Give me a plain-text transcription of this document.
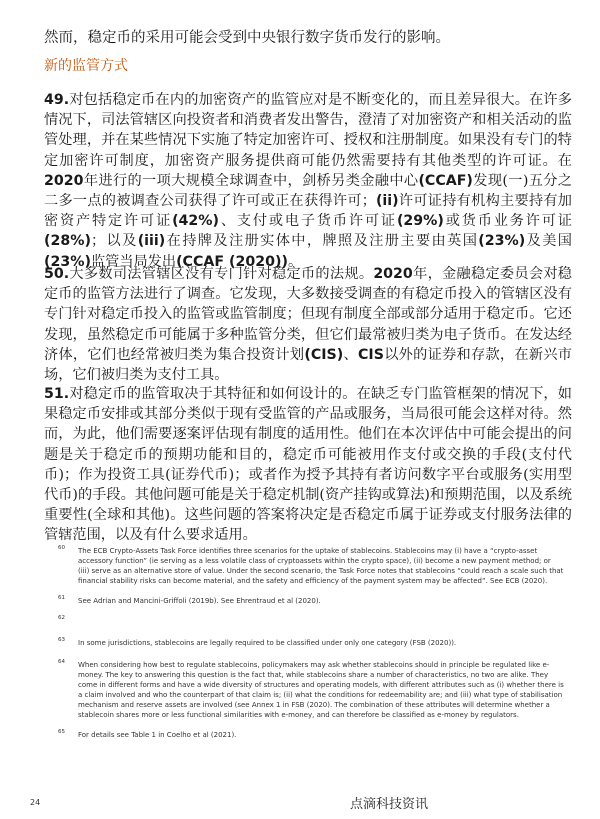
然而，稳定币的采用可能会受到中央银行数字货币发行的影响。
新的监管方式

49.对包括稳定币在内的加密资产的监管应对是不断变化的，而且差异很大。在许多情况下，司法管辖区向投资者和消费者发出警告，澄清了对加密资产和相关活动的监管处理，并在某些情况下实施了特定加密许可、授权和注册制度。如果没有专门的特定加密许可制度，加密资产服务提供商可能仍然需要持有其他类型的许可证。在2020年进行的一项大规模全球调查中，剑桥另类金融中心(CCAF)发现(一)五分之二多一点的被调查公司获得了许可或正在获得许可；(ii)许可证持有机构主要持有加密资产特定许可证(42%)、支付或电子货币许可证(29%)或货币业务许可证(28%)；以及(iii)在持牌及注册实体中，牌照及注册主要由英国(23%)及美国(23%)监管当局发出(CCAF (2020))。

50.大多数司法管辖区没有专门针对稳定币的法规。2020年，金融稳定委员会对稳定币的监管方法进行了调查。它发现，大多数接受调查的有稳定币投入的管辖区没有专门针对稳定币投入的监管或监管制度；但现有制度全部或部分适用于稳定币。它还发现，虽然稳定币可能属于多种监管分类，但它们最常被归类为电子货币。在发达经济体，它们也经常被归类为集合投资计划(CIS)、CIS以外的证券和存款，在新兴市场，它们被归类为支付工具。

51.对稳定币的监管取决于其特征和如何设计的。在缺乏专门监管框架的情况下，如果稳定币安排或其部分类似于现有受监管的产品或服务，当局很可能会这样对待。然而，为此，他们需要逐案评估现有制度的适用性。他们在本次评估中可能会提出的问题是关于稳定币的预期功能和目的，稳定币可能被用作支付或交换的手段(支付代币)；作为投资工具(证券代币)；或者作为授予其持有者访问数字平台或服务(实用型代币)的手段。其他问题可能是关于稳定机制(资产挂钩或算法)和预期范围，以及系统重要性(全球和其他)。这些问题的答案将决定是否稳定币属于证券或支付服务法律的管辖范围，以及有什么要求适用。

60 The ECB Crypto-Assets Task Force identifies three scenarios for the uptake of stablecoins. Stablecoins may (i) have a “crypto-asset accessory function” (ie serving as a less volatile class of cryptoassets within the crypto space), (ii) become a new payment method; or (iii) serve as an alternative store of value. Under the second scenario, the Task Force notes that stablecoins “could reach a scale such that financial stability risks can become material, and the safety and efficiency of the payment system may be affected”. See ECB (2020).

61 See Adrian and Mancini-Griffoli (2019b). See Ehrentraud et al (2020).

62

63 In some jurisdictions, stablecoins are legally required to be classified under only one category (FSB (2020)).

64 When considering how best to regulate stablecoins, policymakers may ask whether stablecoins should in principle be regulated like e-money. The key to answering this question is the fact that, while stablecoins share a number of characteristics, no two are alike. They come in different forms and have a wide diversity of structures and operating models, with different attributes such as (i) whether there is a claim involved and who the counterpart of that claim is; (ii) what the conditions for redeemability are; and (iii) what type of stabilisation mechanism and reserve assets are involved (see Annex 1 in FSB (2020). The combination of these attributes will determine whether a stablecoin shares more or less functional similarities with e-money, and can therefore be classified as e-money by regulators.

65 For details see Table 1 in Coelho et al (2021).

24	点滴科技资讯
